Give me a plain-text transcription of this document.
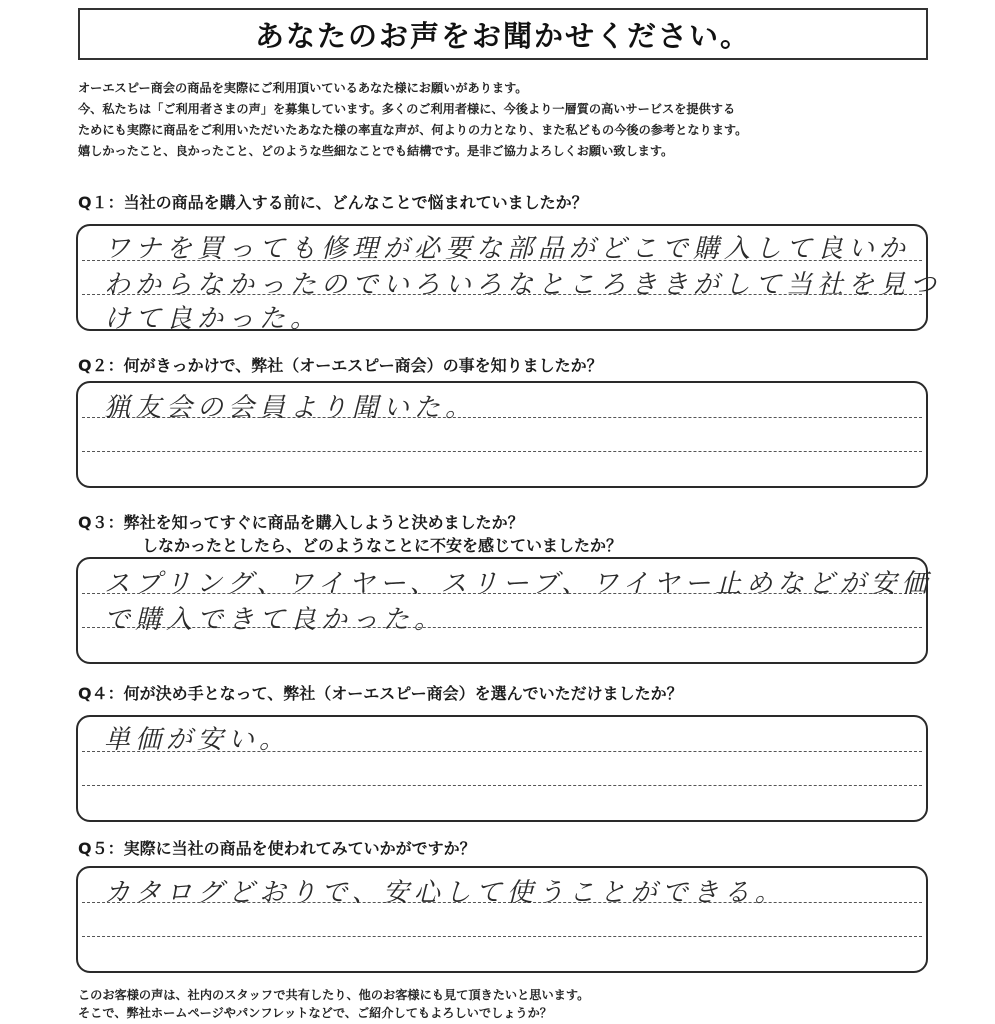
あなたのお声をお聞かせください。

オーエスピー商会の商品を実際にご利用頂いているあなた様にお願いがあります。

今、私たちは「ご利用者さまの声」を募集しています。多くのご利用者様に、今後より一層質の高いサービスを提供する

ためにも実際に商品をご利用いただいたあなた様の率直な声が、何よりの力となり、また私どもの今後の参考となります。

嬉しかったこと、良かったこと、どのような些細なことでも結構です。是非ご協力よろしくお願い致します。

Q１：当社の商品を購入する前に、どんなことで悩まれていましたか？
ワナを買っても修理が必要な部品がどこで購入して良いか
わからなかったのでいろいろなところききがして当社を見つ
けて良かった。
Q２：何がきっかけで、弊社（オーエスピー商会）の事を知りましたか？
猟友会の会員より聞いた。
Q３：弊社を知ってすぐに商品を購入しようと決めましたか？
しなかったとしたら、どのようなことに不安を感じていましたか？
スプリング、ワイヤー、スリーブ、ワイヤー止めなどが安価
で購入できて良かった。
Q４：何が決め手となって、弊社（オーエスピー商会）を選んでいただけましたか？
単価が安い。
Q５：実際に当社の商品を使われてみていかがですか？
カタログどおりで、安心して使うことができる。

このお客様の声は、社内のスタッフで共有したり、他のお客様にも見て頂きたいと思います。

そこで、弊社ホームページやパンフレットなどで、ご紹介してもよろしいでしょうか？
